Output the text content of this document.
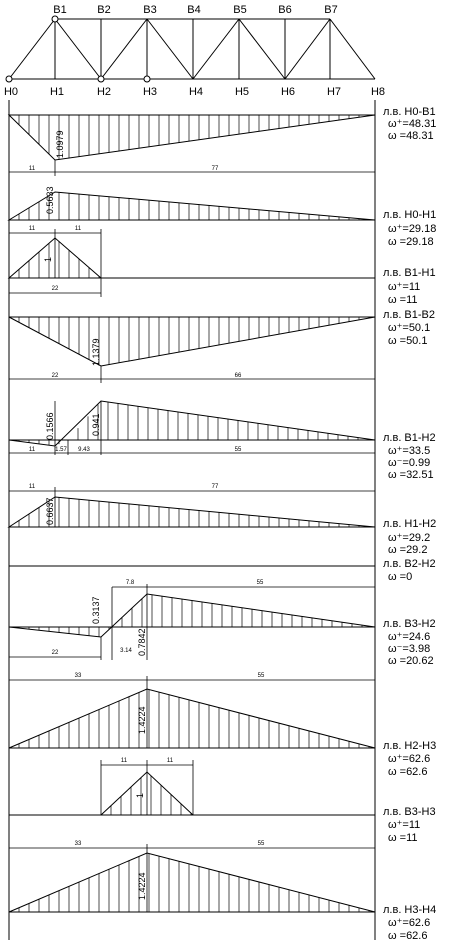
B1	B2	B3	B4	B5	B6	B7
H0	H1	H2	H3	H4	H5	H6	H7	H8
1.0979
11	77
л.в. H0-B1
ω⁺=48.31
ω =48.31
0.5633
л.в. H0-H1
ω⁺=29.18
ω =29.18
11	11
1
22
л.в. B1-H1
ω⁺=11
ω =11
1.1379
22	66
л.в. B1-B2
ω⁺=50.1
ω =50.1
0.1566	0.941
11	1.57 9.43	55
л.в. B1-H2
ω⁺=33.5
ω⁻=0.99
ω =32.51
11	77
0.6637	л.в. H1-H2
ω⁺=29.2
ω =29.2
л.в. B2-H2
ω =0
7.8	55
0.3137
0.7842
22	3.14
л.в. B3-H2
ω⁺=24.6
ω⁻=3.98
ω =20.62
33	55
1.4224
л.в. H2-H3
ω⁺=62.6
ω =62.6
11	11
1
л.в. B3-H3
ω⁺=11
ω =11
33	55
1.4224
л.в. H3-H4
ω⁺=62.6
ω =62.6
